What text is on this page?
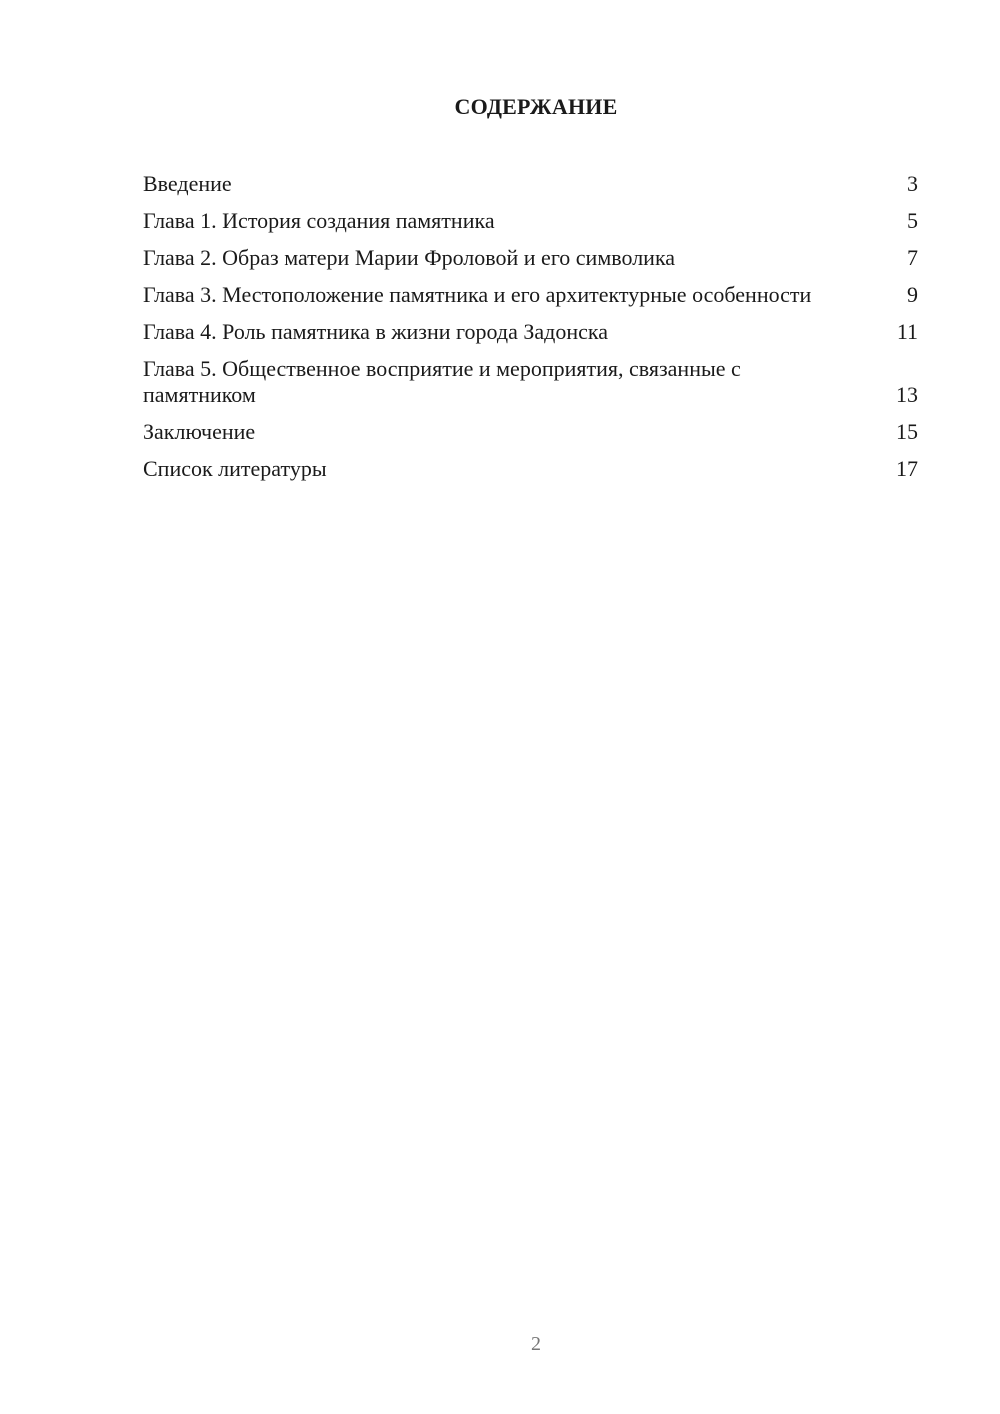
СОДЕРЖАНИЕ
Введение	3
Глава 1. История создания памятника	5
Глава 2. Образ матери Марии Фроловой и его символика	7
Глава 3. Местоположение памятника и его архитектурные особенности	9
Глава 4. Роль памятника в жизни города Задонска	11
Глава 5. Общественное восприятие и мероприятия, связанные с памятником	13
Заключение	15
Список литературы	17
2
